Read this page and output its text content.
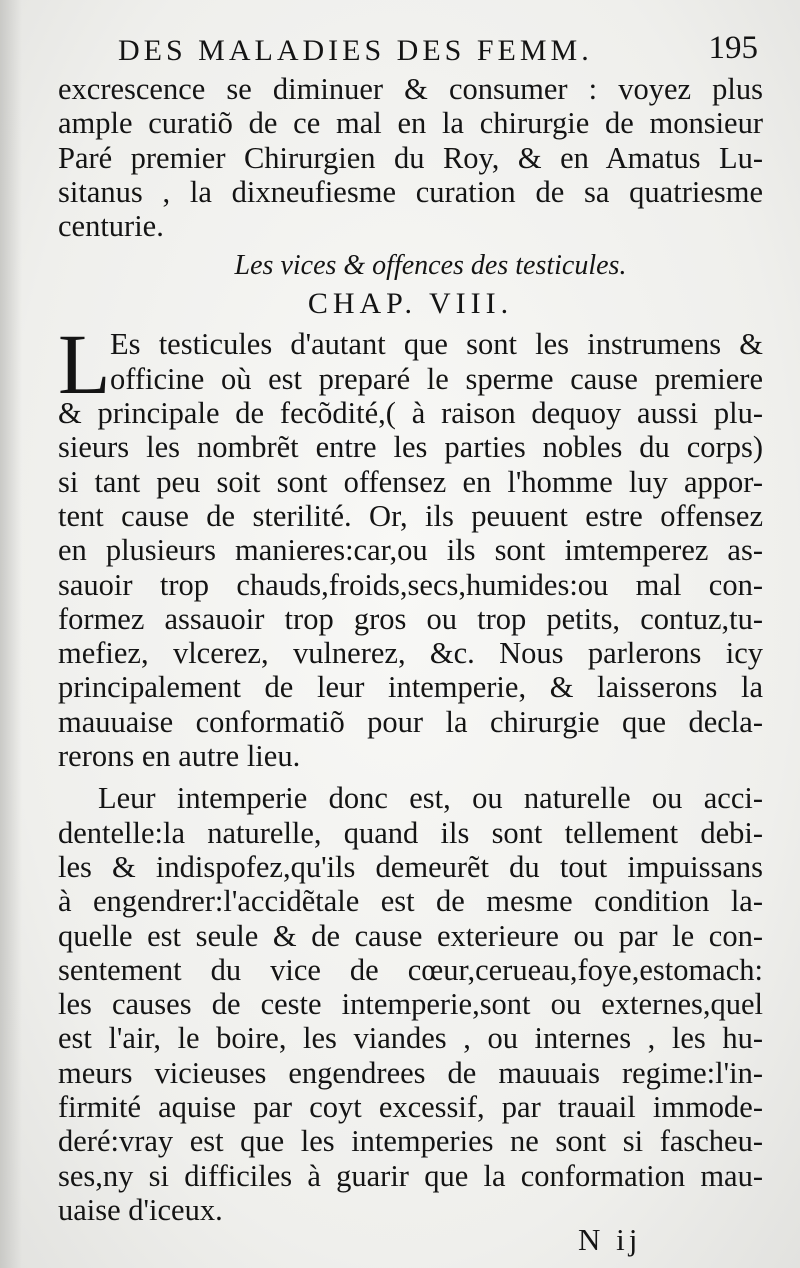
DES MALADIES DES FEMM.	195
excrescence se diminuer & consumer : voyez plus
ample curatiõ de ce mal en la chirurgie de monsieur
Paré premier Chirurgien du Roy, & en Amatus Lu-
sitanus , la dixneufiesme curation de sa quatriesme
centurie.
Les vices & offences des testicules.
CHAP. VIII.
L Es testicules d'autant que sont les instrumens &
officine où est preparé le sperme cause premiere
& principale de fecõdité,( à raison dequoy aussi plu-
sieurs les nombrẽt entre les parties nobles du corps)
si tant peu soit sont offensez en l'homme luy appor-
tent cause de sterilité. Or, ils peuuent estre offensez
en plusieurs manieres:car,ou ils sont imtemperez as-
sauoir trop chauds,froids,secs,humides:ou mal con-
formez assauoir trop gros ou trop petits, contuz,tu-
mefiez, vlcerez, vulnerez, &c. Nous parlerons icy
principalement de leur intemperie, & laisserons la
mauuaise conformatiõ pour la chirurgie que decla-
rerons en autre lieu.
Leur intemperie donc est, ou naturelle ou acci-
dentelle:la naturelle, quand ils sont tellement debi-
les & indispofez,qu'ils demeurẽt du tout impuissans
à engendrer:l'accidẽtale est de mesme condition la-
quelle est seule & de cause exterieure ou par le con-
sentement du vice de cœur,cerueau,foye,estomach:
les causes de ceste intemperie,sont ou externes,quel
est l'air, le boire, les viandes , ou internes , les hu-
meurs vicieuses engendrees de mauuais regime:l'in-
firmité aquise par coyt excessif, par trauail immode-
deré:vray est que les intemperies ne sont si fascheu-
ses,ny si difficiles à guarir que la conformation mau-
uaise d'iceux.
N ij
